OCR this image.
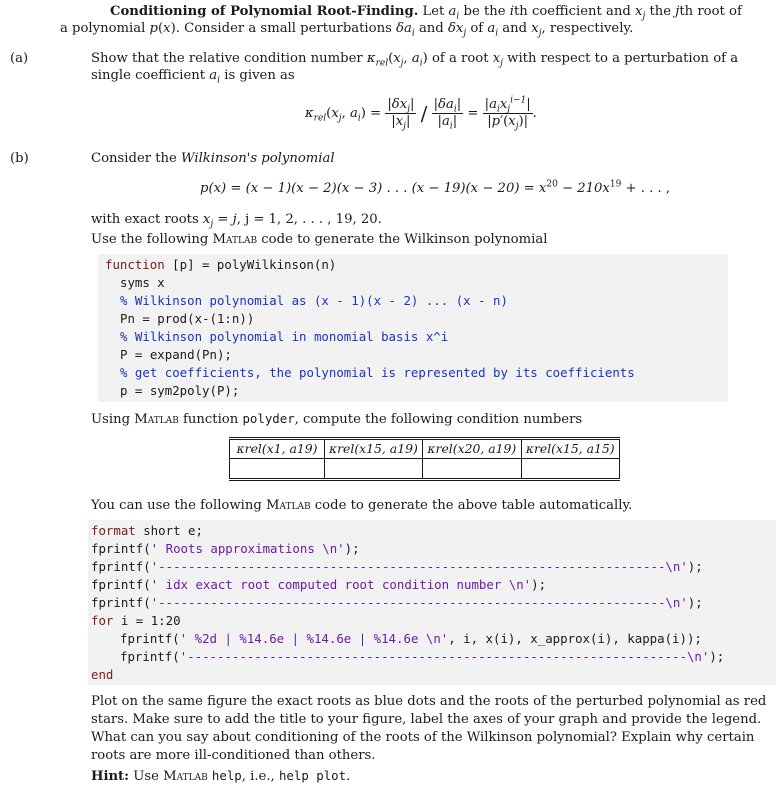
Conditioning of Polynomial Root-Finding. Let $a_i$ be the ith coefficient and $x_j$ the jth root of
a polynomial p(x). Consider a small perturbations $\delta a_i$ and $\delta x_j$ of $a_i$ and $x_j$, respectively.
(a)	Show that the relative condition number $\kappa_{rel}(x_j$, $a_i$) of a root $x_j$ with respect to a perturbation of a
single coefficient $a_i$ is given as
$\kappa_{rel}(x_j$, $a_i) = \frac{|\delta x_j|}{|x_j|} / \frac{|\delta a_i|}{|a_i|} = \frac{|a_ix_j^{i-1}|}{|p'(x_j)|}$ .
(b)	Consider the Wilkinson's polynomial
p(x) = (x − 1)(x − 2)(x − 3) . . . $(x - 19)(x - 20) = x^{20} - 210x^{19}$ + . . . ,
with exact roots $x_j = j$, j = 1, 2, . . . , 19, 20.
Use the following Matlab code to generate the Wilkinson polynomial
function [p] = polyWilkinson(n)
syms x
% Wilkinson polynomial as (x - 1)(x - 2) ... (x - n)
Pn = prod(x-(1:n))
% Wilkinson polynomial in monomial basis x^i
P = expand(Pn);
% get coefficients, the polynomial is represented by its coefficients
p = sym2poly(P);
Using Matlab function polyder, compute the following condition numbers
κrel(x1, a19)	κrel(x15, a19)	κrel(x20, a19)	κrel(x15, a15)

You can use the following Matlab code to generate the above table automatically.
format short e;
fprintf(' Roots approximations \n');
fprintf('--------------------------------------------------------------------\n');
fprintf(' idx exact root computed root condition number \n');
fprintf('--------------------------------------------------------------------\n');
for i = 1:20
fprintf(' %2d | %14.6e | %14.6e | %14.6e \n', i, x(i), x_approx(i), kappa(i));
fprintf('-------------------------------------------------------------------\n');
end
Plot on the same figure the exact roots as blue dots and the roots of the perturbed polynomial as red
stars. Make sure to add the title to your figure, label the axes of your graph and provide the legend.
What can you say about conditioning of the roots of the Wilkinson polynomial? Explain why certain
roots are more ill-conditioned than others.
Hint: Use Matlab help, i.e., help plot.
